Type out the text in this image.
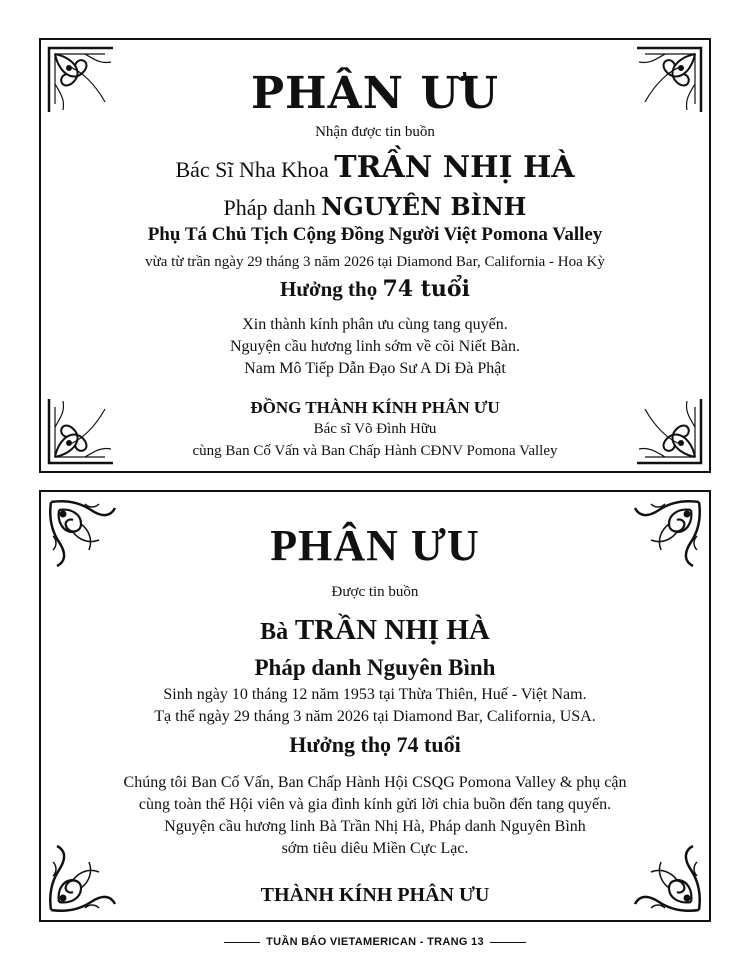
PHÂN ƯU
Nhận được tin buồn
Bác Sĩ Nha Khoa TRẦN NHỊ HÀ
Pháp danh NGUYÊN BÌNH
Phụ Tá Chủ Tịch Cộng Đồng Người Việt Pomona Valley
vừa từ trần ngày 29 tháng 3 năm 2026 tại Diamond Bar, California - Hoa Kỳ
Hưởng thọ 74 tuổi
Xin thành kính phân ưu cùng tang quyến.
Nguyện cầu hương linh sớm về cõi Niết Bàn.
Nam Mô Tiếp Dẫn Đạo Sư A Di Đà Phật
ĐỒNG THÀNH KÍNH PHÂN ƯU
Bác sĩ Võ Đình Hữu
cùng Ban Cố Vấn và Ban Chấp Hành CĐNV Pomona Valley
PHÂN ƯU
Được tin buồn
Bà TRẦN NHỊ HÀ
Pháp danh Nguyên Bình
Sinh ngày 10 tháng 12 năm 1953 tại Thừa Thiên, Huế - Việt Nam.
Tạ thế ngày 29 tháng 3 năm 2026 tại Diamond Bar, California, USA.
Hưởng thọ 74 tuổi
Chúng tôi Ban Cố Vấn, Ban Chấp Hành Hội CSQG Pomona Valley & phụ cận
cùng toàn thể Hội viên và gia đình kính gửi lời chia buồn đến tang quyến.
Nguyện cầu hương linh Bà Trần Nhị Hà, Pháp danh Nguyên Bình
sớm tiêu diêu Miền Cực Lạc.
THÀNH KÍNH PHÂN ƯU
TUẦN BÁO VIETAMERICAN - TRANG 13
